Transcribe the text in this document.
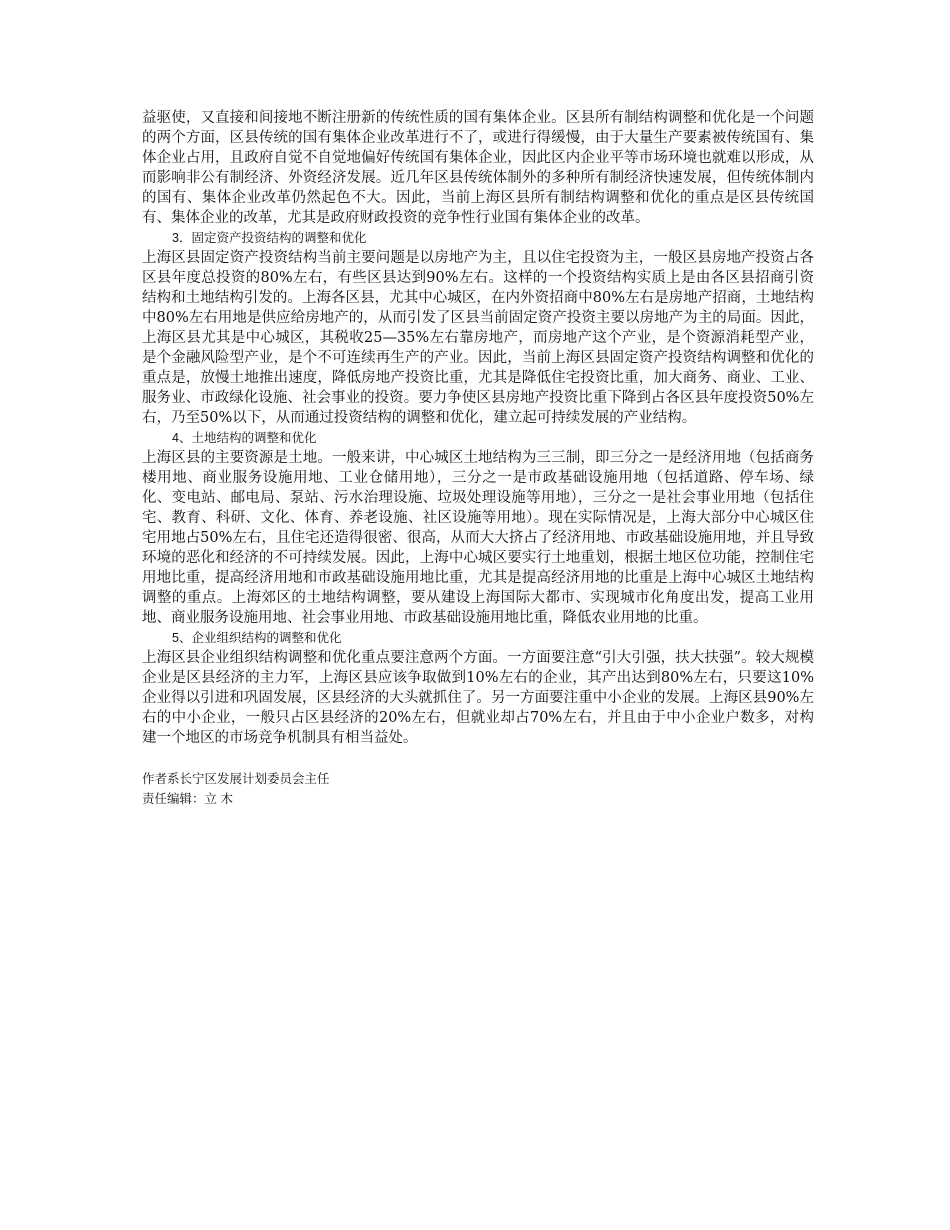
益驱使，又直接和间接地不断注册新的传统性质的国有集体企业。区县所有制结构调整和优化是一个问题的两个方面，区县传统的国有集体企业改革进行不了，或进行得缓慢，由于大量生产要素被传统国有、集体企业占用，且政府自觉不自觉地偏好传统国有集体企业，因此区内企业平等市场环境也就难以形成，从而影响非公有制经济、外资经济发展。近几年区县传统体制外的多种所有制经济快速发展，但传统体制内的国有、集体企业改革仍然起色不大。因此，当前上海区县所有制结构调整和优化的重点是区县传统国有、集体企业的改革，尤其是政府财政投资的竞争性行业国有集体企业的改革。

3．固定资产投资结构的调整和优化

上海区县固定资产投资结构当前主要问题是以房地产为主，且以住宅投资为主，一般区县房地产投资占各区县年度总投资的80%左右，有些区县达到90%左右。这样的一个投资结构实质上是由各区县招商引资结构和土地结构引发的。上海各区县，尤其中心城区，在内外资招商中80%左右是房地产招商，土地结构中80%左右用地是供应给房地产的，从而引发了区县当前固定资产投资主要以房地产为主的局面。因此，上海区县尤其是中心城区，其税收25—35%左右靠房地产，而房地产这个产业，是个资源消耗型产业， 是个金融风险型产业，是个不可连续再生产的产业。因此，当前上海区县固定资产投资结构调整和优化的重点是，放慢土地推出速度，降低房地产投资比重，尤其是降低住宅投资比重，加大商务、商业、工业、服务业、市政绿化设施、社会事业的投资。要力争使区县房地产投资比重下降到占各区县年度投资50%左右，乃至50%以下，从而通过投资结构的调整和优化，建立起可持续发展的产业结构。

4、土地结构的调整和优化

上海区县的主要资源是土地。一般来讲，中心城区土地结构为三三制，即三分之一是经济用地（包括商务楼用地、商业服务设施用地、工业仓储用地），三分之一是市政基础设施用地（包括道路、停车场、绿化、变电站、邮电局、泵站、污水治理设施、垃圾处理设施等用地），三分之一是社会事业用地（包括住宅、教育、科研、文化、体育、养老设施、社区设施等用地）。现在实际情况是，上海大部分中心城区住宅用地占50%左右，且住宅还造得很密、很高，从而大大挤占了经济用地、市政基础设施用地，并且导致环境的恶化和经济的不可持续发展。因此，上海中心城区要实行土地重划，根据土地区位功能，控制住宅用地比重，提高经济用地和市政基础设施用地比重，尤其是提高经济用地的比重是上海中心城区土地结构调整的重点。上海郊区的土地结构调整，要从建设上海国际大都市、实现城市化角度出发，提高工业用地、商业服务设施用地、社会事业用地、市政基础设施用地比重，降低农业用地的比重。

5、企业组织结构的调整和优化

上海区县企业组织结构调整和优化重点要注意两个方面。一方面要注意“引大引强，扶大扶强”。较大规模企业是区县经济的主力军，上海区县应该争取做到10%左右的企业，其产出达到80%左右，只要这10%企业得以引进和巩固发展，区县经济的大头就抓住了。另一方面要注重中小企业的发展。上海区县90%左右的中小企业，一般只占区县经济的20%左右，但就业却占70%左右，并且由于中小企业户数多，对构建一个地区的市场竞争机制具有相当益处。

作者系长宁区发展计划委员会主任

责任编辑：立 木
